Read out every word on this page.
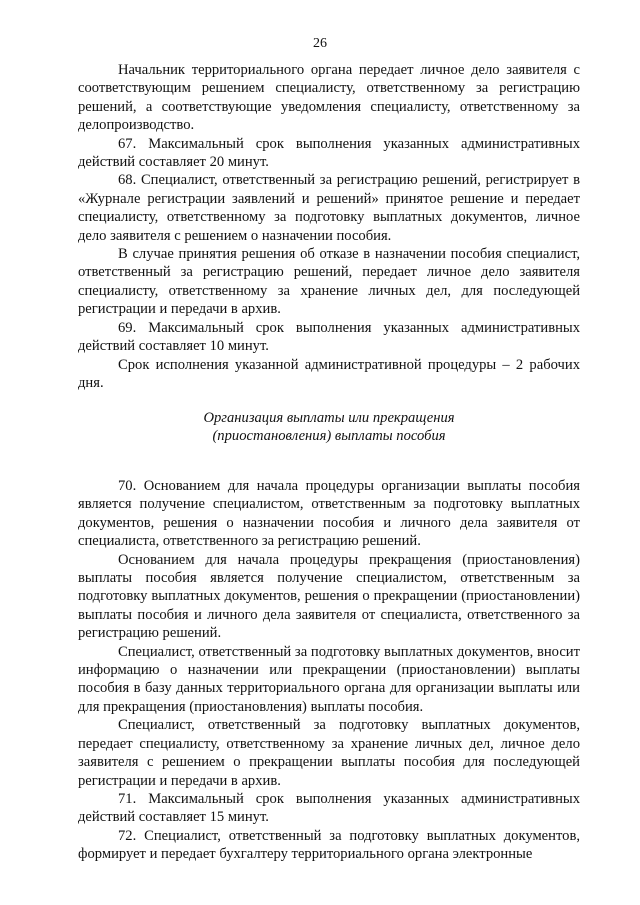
26

Начальник территориального органа передает личное дело заявителя с соответствующим решением специалисту, ответственному за регистрацию решений, а соответствующие уведомления специалисту, ответственному за делопроизводство.

67. Максимальный срок выполнения указанных административных действий составляет 20 минут.

68. Специалист, ответственный за регистрацию решений, регистрирует в «Журнале регистрации заявлений и решений» принятое решение и передает специалисту, ответственному за подготовку выплатных документов, личное дело заявителя с решением о назначении пособия.

В случае принятия решения об отказе в назначении пособия специалист, ответственный за регистрацию решений, передает личное дело заявителя специалисту, ответственному за хранение личных дел, для последующей регистрации и передачи в архив.

69. Максимальный срок выполнения указанных административных действий составляет 10 минут.

Срок исполнения указанной административной процедуры – 2 рабочих дня.

Организация выплаты или прекращения
(приостановления) выплаты пособия

70. Основанием для начала процедуры организации выплаты пособия является получение специалистом, ответственным за подготовку выплатных документов, решения о назначении пособия и личного дела заявителя от специалиста, ответственного за регистрацию решений.

Основанием для начала процедуры прекращения (приостановления) выплаты пособия является получение специалистом, ответственным за подготовку выплатных документов, решения о прекращении (приостановлении) выплаты пособия и личного дела заявителя от специалиста, ответственного за регистрацию решений.

Специалист, ответственный за подготовку выплатных документов, вносит информацию о назначении или прекращении (приостановлении) выплаты пособия в базу данных территориального органа для организации выплаты или для прекращения (приостановления) выплаты пособия.

Специалист, ответственный за подготовку выплатных документов, передает специалисту, ответственному за хранение личных дел, личное дело заявителя с решением о прекращении выплаты пособия для последующей регистрации и передачи в архив.

71. Максимальный срок выполнения указанных административных действий составляет 15 минут.

72. Специалист, ответственный за подготовку выплатных документов, формирует и передает бухгалтеру территориального органа электронные
